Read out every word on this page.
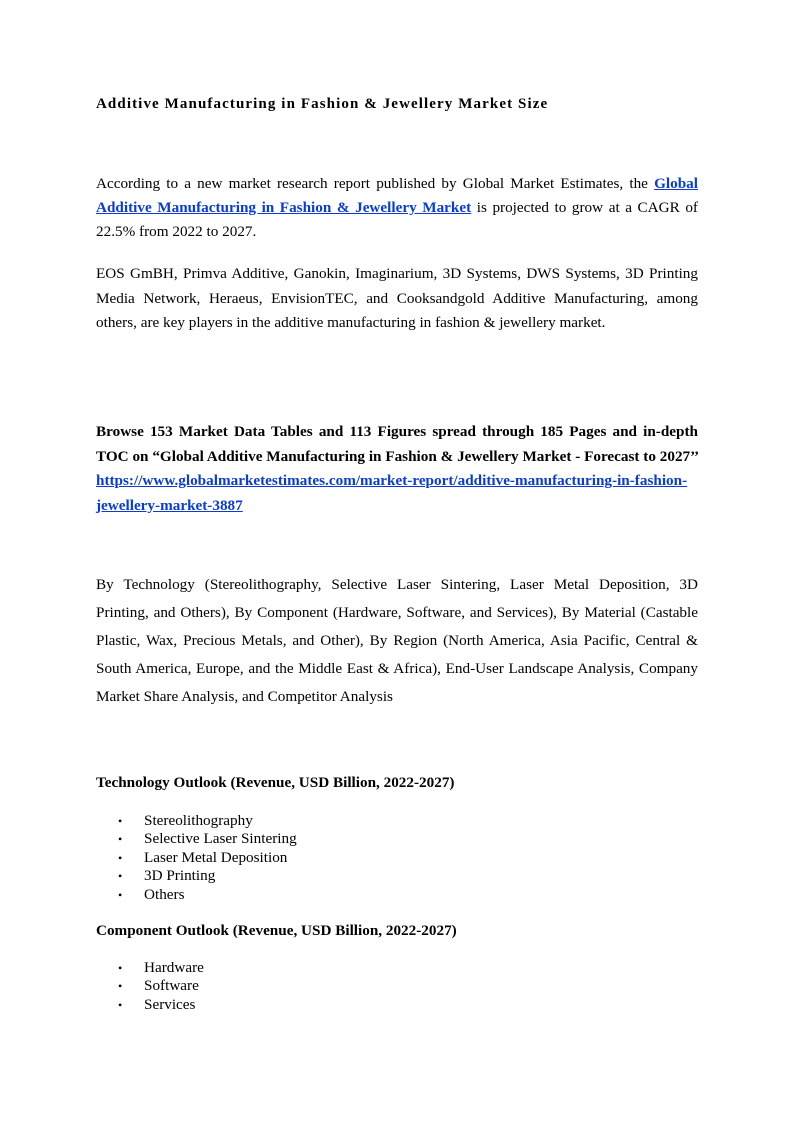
Additive Manufacturing in Fashion & Jewellery Market Size

According to a new market research report published by Global Market Estimates, the Global Additive Manufacturing in Fashion & Jewellery Market is projected to grow at a CAGR of 22.5% from 2022 to 2027.

EOS GmBH, Primva Additive, Ganokin, Imaginarium, 3D Systems, DWS Systems, 3D Printing Media Network, Heraeus, EnvisionTEC, and Cooksandgold Additive Manufacturing, among others, are key players in the additive manufacturing in fashion & jewellery market.

Browse 153 Market Data Tables and 113 Figures spread through 185 Pages and in-depth TOC on “Global Additive Manufacturing in Fashion & Jewellery Market - Forecast to 2027’’ https://www.globalmarketestimates.com/market-report/additive-manufacturing-in-fashion-jewellery-market-3887

By Technology (Stereolithography, Selective Laser Sintering, Laser Metal Deposition, 3D Printing, and Others), By Component (Hardware, Software, and Services), By Material (Castable Plastic, Wax, Precious Metals, and Other), By Region (North America, Asia Pacific, Central & South America, Europe, and the Middle East & Africa), End-User Landscape Analysis, Company Market Share Analysis, and Competitor Analysis

Technology Outlook (Revenue, USD Billion, 2022-2027)
• Stereolithography
• Selective Laser Sintering
• Laser Metal Deposition
• 3D Printing
• Others
Component Outlook (Revenue, USD Billion, 2022-2027)
• Hardware
• Software
• Services
